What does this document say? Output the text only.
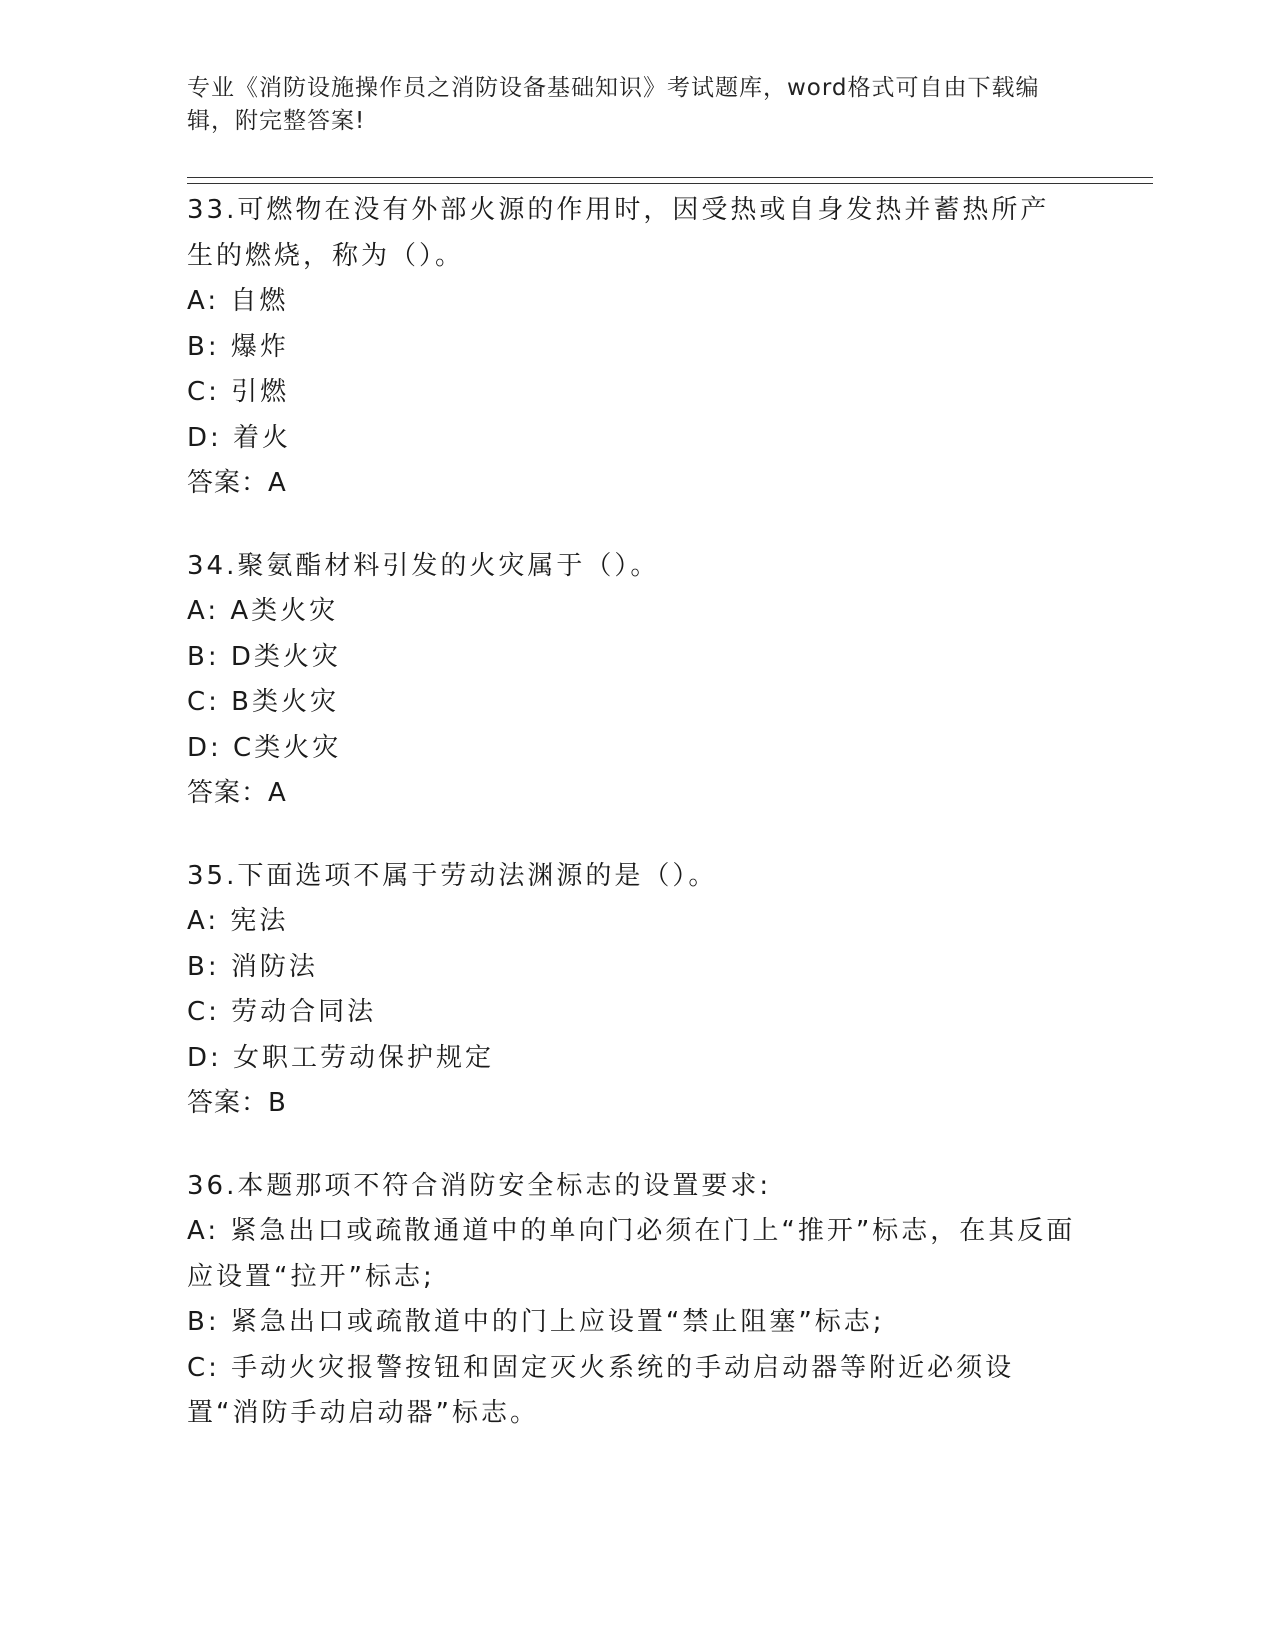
专业《消防设施操作员之消防设备基础知识》考试题库，word格式可自由下载编辑，附完整答案!
33.可燃物在没有外部火源的作用时，因受热或自身发热并蓄热所产生的燃烧，称为（）。
A: 自燃
B: 爆炸
C: 引燃
D: 着火
答案：A
34.聚氨酯材料引发的火灾属于（）。
A: A类火灾
B: D类火灾
C: B类火灾
D: C类火灾
答案：A
35.下面选项不属于劳动法渊源的是（）。
A: 宪法
B: 消防法
C: 劳动合同法
D: 女职工劳动保护规定
答案：B
36.本题那项不符合消防安全标志的设置要求:
A: 紧急出口或疏散通道中的单向门必须在门上“推开”标志，在其反面应设置“拉开”标志;
B: 紧急出口或疏散道中的门上应设置“禁止阻塞”标志;
C: 手动火灾报警按钮和固定灭火系统的手动启动器等附近必须设置“消防手动启动器”标志。
